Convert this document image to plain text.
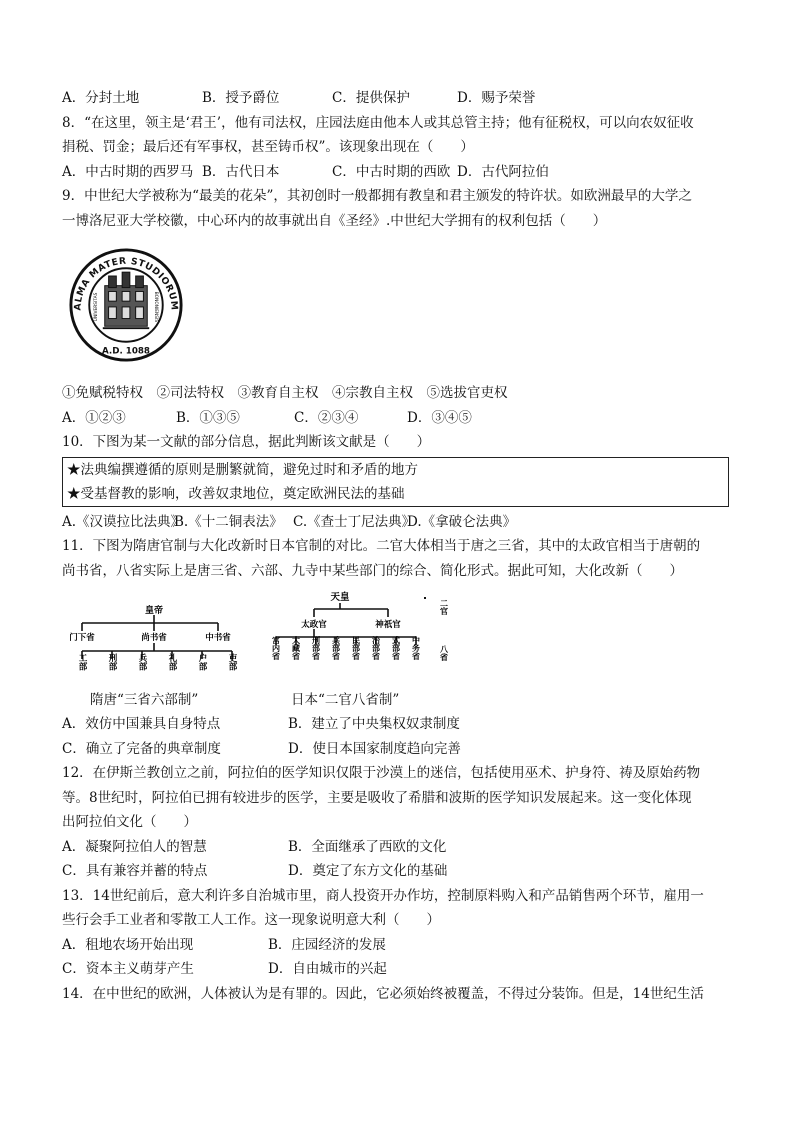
A．分封土地	B．授予爵位	C．提供保护	D．赐予荣誉
8．“在这里，领主是‘君王’，他有司法权，庄园法庭由他本人或其总管主持；他有征税权，可以向农奴征收
捐税、罚金；最后还有军事权，甚至铸币权”。该现象出现在（　　）
A．中古时期的西罗马 B．古代日本	C．中古时期的西欧 D．古代阿拉伯
9．中世纪大学被称为“最美的花朵”，其初创时一般都拥有教皇和君主颁发的特许状。如欧洲最早的大学之
一博洛尼亚大学校徽，中心环内的故事就出自《圣经》.中世纪大学拥有的权利包括（　　）
ALMA MATER STUDIORUM
A.D. 1088
UNIVERSITAS	BONONIENSIS
①免赋税特权　②司法特权　③教育自主权　④宗教自主权　⑤选拔官吏权
A．①②③	B．①③⑤	C．②③④	D．③④⑤
10．下图为某一文献的部分信息，据此判断该文献是（　　）
★法典编撰遵循的原则是删繁就简，避免过时和矛盾的地方
★受基督教的影响，改善奴隶地位，奠定欧洲民法的基础
A.《汉谟拉比法典》
B.《十二铜表法》 C.《查士丁尼法典》
D.《拿破仑法典》
11．下图为隋唐官制与大化改新时日本官制的对比。二官大体相当于唐之三省，其中的太政官相当于唐朝的
尚书省，八省实际上是唐三省、六部、九寺中某些部门的综合、简化形式。据此可知，大化改新（　　）
皇帝
门下省	尚书省	中书省
工部 刑部 兵部 礼部 户部 吏部
天皇
太政官	神祇官
宫内省 大藏省 刑部省 兵部省 民部省 治部省 式部省 中务省
二官
八省
隋唐“三省六部制”	日本“二官八省制”
A．效仿中国兼具自身特点	B．建立了中央集权奴隶制度
C．确立了完备的典章制度	D．使日本国家制度趋向完善
12．在伊斯兰教创立之前，阿拉伯的医学知识仅限于沙漠上的迷信，包括使用巫术、护身符、祷及原始药物
等。8世纪时，阿拉伯已拥有较进步的医学，主要是吸收了希腊和波斯的医学知识发展起来。这一变化体现
出阿拉伯文化（　　）
A．凝聚阿拉伯人的智慧	B．全面继承了西欧的文化
C．具有兼容并蓄的特点	D．奠定了东方文化的基础
13．14世纪前后，意大利许多自治城市里，商人投资开办作坊，控制原料购入和产品销售两个环节，雇用一
些行会手工业者和零散工人工作。这一现象说明意大利（　　）
A．租地农场开始出现	B．庄园经济的发展
C．资本主义萌芽产生	D．自由城市的兴起
14．在中世纪的欧洲，人体被认为是有罪的。因此，它必须始终被覆盖，不得过分装饰。但是，14世纪生活
